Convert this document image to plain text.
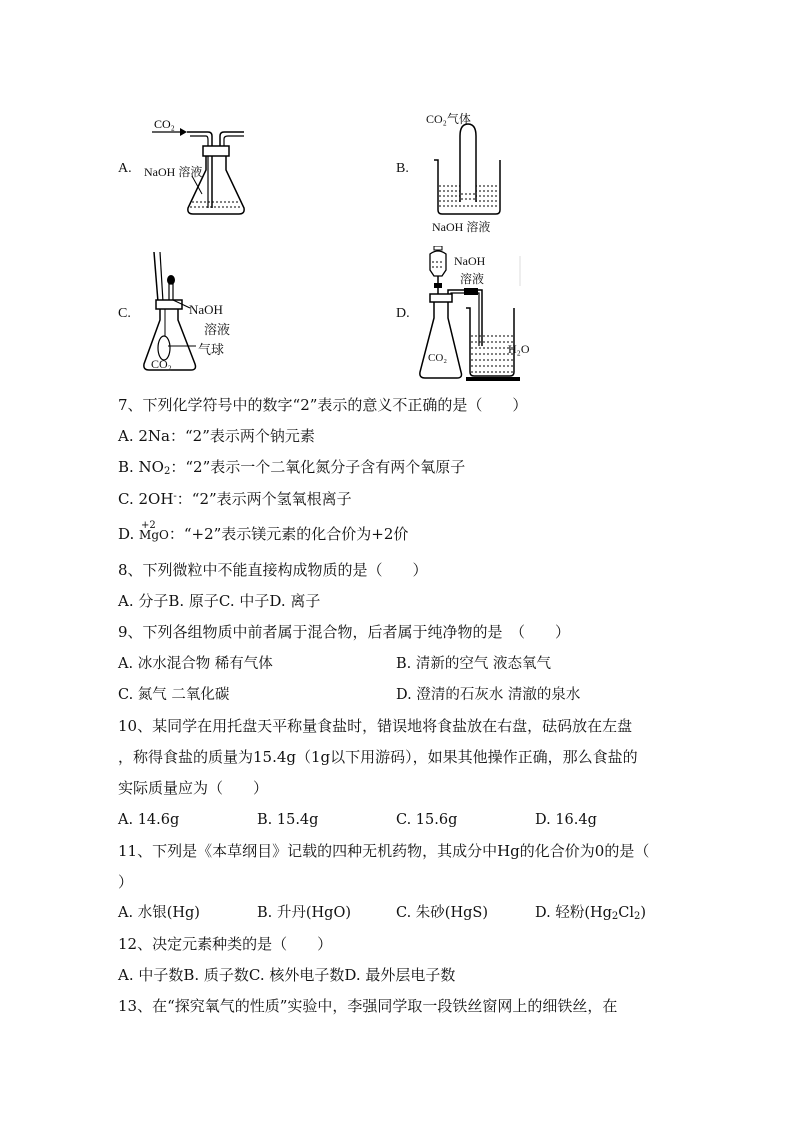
A.
CO₂
NaOH 溶液	B.
CO₂气体
NaOH 溶液
C.	NaOH
溶液
气球
CO₂
D.
NaOH
溶液
CO₂
H₂O
7、下列化学符号中的数字“2”表示的意义不正确的是（　　）
A. 2Na：“2”表示两个钠元素
B. $NO_2$：“2”表示一个二氧化氮分子含有两个氧原子
C. 2OH-：“2”表示两个氢氧根离子
D. +2
MgO：“+2”表示镁元素的化合价为+2价
8、下列微粒中不能直接构成物质的是（　　）
A. 分子B. 原子C. 中子D. 离子
9、下列各组物质中前者属于混合物，后者属于纯净物的是　（　　）
A. 冰水混合物 稀有气体	B. 清新的空气 液态氧气
C. 氮气 二氧化碳	D. 澄清的石灰水 清澈的泉水
10、某同学在用托盘天平称量食盐时，错误地将食盐放在右盘，砝码放在左盘
，称得食盐的质量为15.4g（1g以下用游码），如果其他操作正确，那么食盐的
实际质量应为（　　）
A. 14.6g	B. 15.4g	C. 15.6g	D. 16.4g
11、下列是《本草纲目》记载的四种无机药物，其成分中Hg的化合价为0的是（
）
A. 水银(Hg)	B. 升丹(HgO)	C. 朱砂(HgS)	D. 轻粉$(Hg_2Cl_2)$
12、决定元素种类的是（　　）
A. 中子数B. 质子数C. 核外电子数D. 最外层电子数
13、在“探究氧气的性质”实验中，李强同学取一段铁丝窗网上的细铁丝，在
